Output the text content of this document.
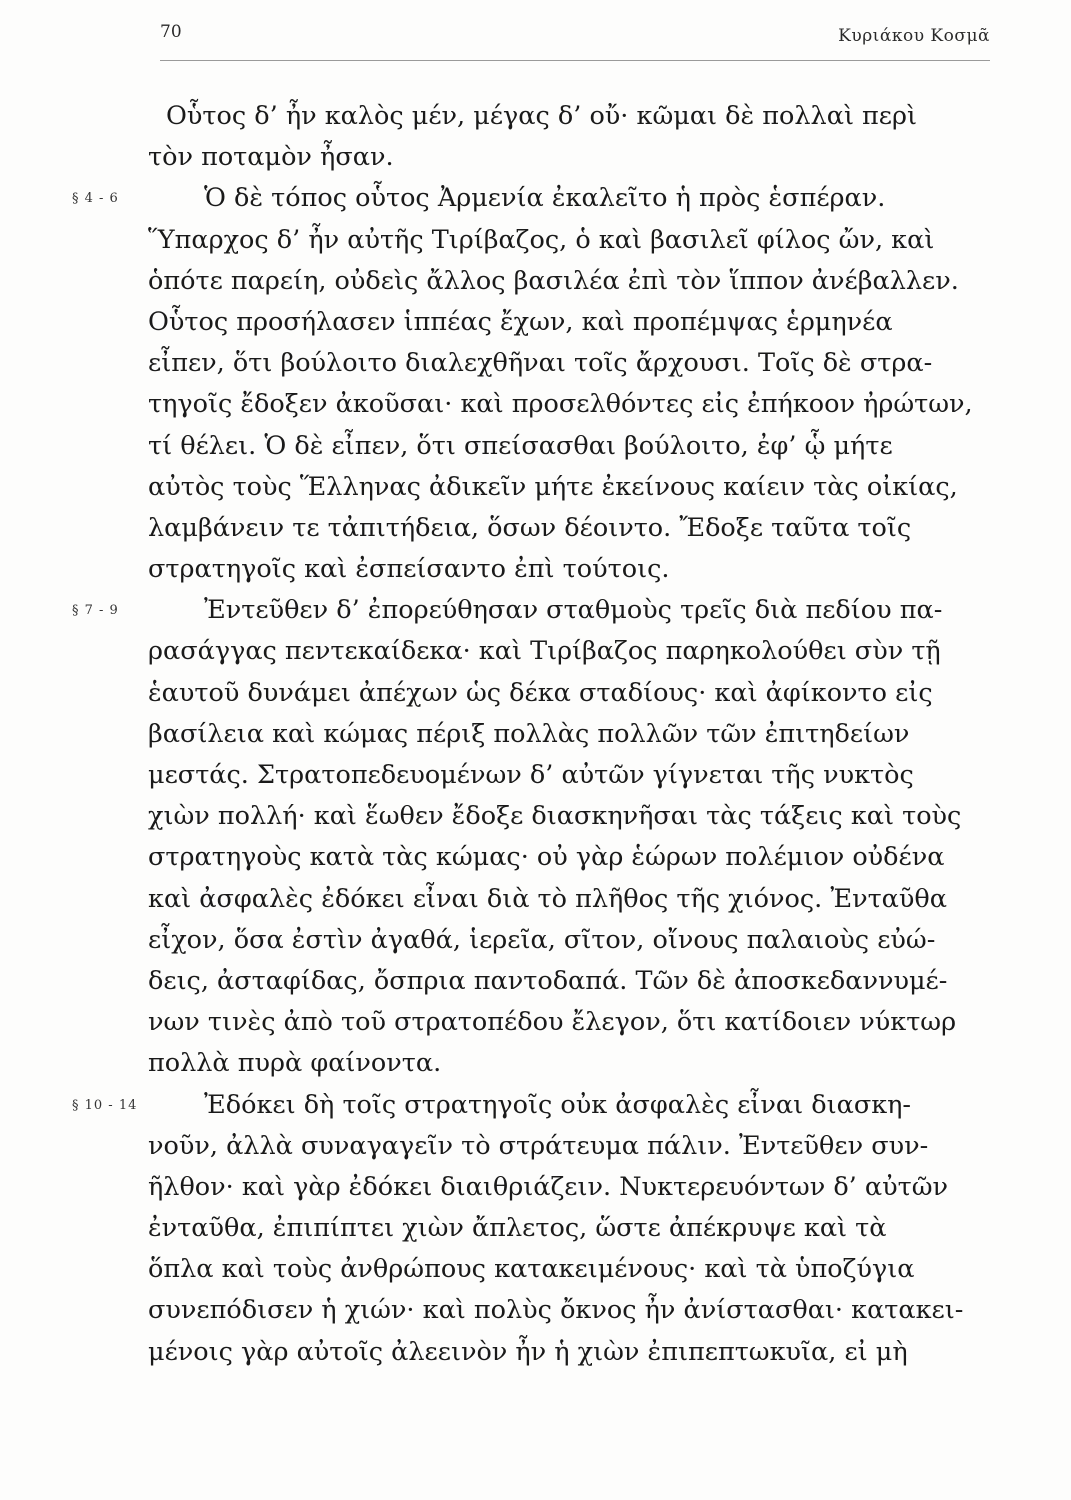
70	Κυριάκου Κοσμᾶ
Οὗτος δ’ ἦν καλὸς μέν, μέγας δ’ οὔ· κῶμαι δὲ πολλαὶ περὶ
τὸν ποταμὸν ἦσαν.
§ 4 - 6	Ὁ δὲ τόπος οὗτος Ἀρμενία ἐκαλεῖτο ἡ πρὸς ἑσπέραν.
Ὕπαρχος δ’ ἦν αὐτῆς Τιρίβαζος, ὁ καὶ βασιλεῖ φίλος ὤν, καὶ
ὁπότε παρείη, οὐδεὶς ἄλλος βασιλέα ἐπὶ τὸν ἵππον ἀνέβαλλεν.
Οὗτος προσήλασεν ἱππέας ἔχων, καὶ προπέμψας ἑρμηνέα
εἶπεν, ὅτι βούλοιτο διαλεχθῆναι τοῖς ἄρχουσι. Τοῖς δὲ στρα-
τηγοῖς ἔδοξεν ἀκοῦσαι· καὶ προσελθόντες εἰς ἐπήκοον ἠρώτων,
τί θέλει. Ὁ δὲ εἶπεν, ὅτι σπείσασθαι βούλοιτο, ἐφ’ ᾧ μήτε
αὐτὸς τοὺς Ἕλληνας ἀδικεῖν μήτε ἐκείνους καίειν τὰς οἰκίας,
λαμβάνειν τε τἀπιτήδεια, ὅσων δέοιντο. Ἔδοξε ταῦτα τοῖς
στρατηγοῖς καὶ ἐσπείσαντο ἐπὶ τούτοις.
§ 7 - 9	Ἐντεῦθεν δ’ ἐπορεύθησαν σταθμοὺς τρεῖς διὰ πεδίου πα-
ρασάγγας πεντεκαίδεκα· καὶ Τιρίβαζος παρηκολούθει σὺν τῇ
ἑαυτοῦ δυνάμει ἀπέχων ὡς δέκα σταδίους· καὶ ἀφίκοντο εἰς
βασίλεια καὶ κώμας πέριξ πολλὰς πολλῶν τῶν ἐπιτηδείων
μεστάς. Στρατοπεδευομένων δ’ αὐτῶν γίγνεται τῆς νυκτὸς
χιὼν πολλή· καὶ ἕωθεν ἔδοξε διασκηνῆσαι τὰς τάξεις καὶ τοὺς
στρατηγοὺς κατὰ τὰς κώμας· οὐ γὰρ ἑώρων πολέμιον οὐδένα
καὶ ἀσφαλὲς ἐδόκει εἶναι διὰ τὸ πλῆθος τῆς χιόνος. Ἐνταῦθα
εἶχον, ὅσα ἐστὶν ἀγαθά, ἱερεῖα, σῖτον, οἴνους παλαιοὺς εὐώ-
δεις, ἀσταφίδας, ὄσπρια παντοδαπά. Τῶν δὲ ἀποσκεδαννυμέ-
νων τινὲς ἀπὸ τοῦ στρατοπέδου ἔλεγον, ὅτι κατίδοιεν νύκτωρ
πολλὰ πυρὰ φαίνοντα.
§ 10 - 14	Ἐδόκει δὴ τοῖς στρατηγοῖς οὐκ ἀσφαλὲς εἶναι διασκη-
νοῦν, ἀλλὰ συναγαγεῖν τὸ στράτευμα πάλιν. Ἐντεῦθεν συν-
ῆλθον· καὶ γὰρ ἐδόκει διαιθριάζειν. Νυκτερευόντων δ’ αὐτῶν
ἐνταῦθα, ἐπιπίπτει χιὼν ἄπλετος, ὥστε ἀπέκρυψε καὶ τὰ
ὅπλα καὶ τοὺς ἀνθρώπους κατακειμένους· καὶ τὰ ὑποζύγια
συνεπόδισεν ἡ χιών· καὶ πολὺς ὄκνος ἦν ἀνίστασθαι· κατακει-
μένοις γὰρ αὐτοῖς ἀλεεινὸν ἦν ἡ χιὼν ἐπιπεπτωκυῖα, εἰ μὴ
